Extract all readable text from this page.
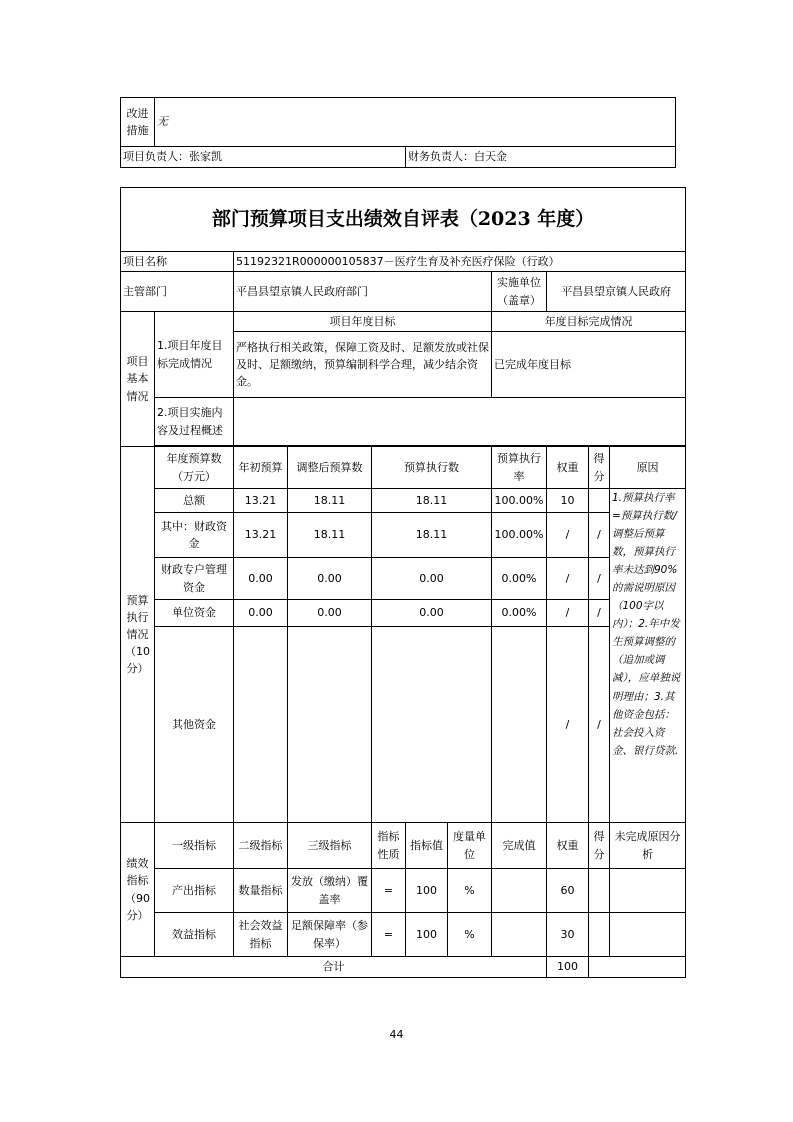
改进措施	无	
项目负责人：张家凯		财务负责人：白天金
部门预算项目支出绩效自评表（2023 年度）										
项目名称		51192321R000000105837－医疗生育及补充医疗保险（行政）								
主管部门		平昌县望京镇人民政府部门					实施单位（盖章）	平昌县望京镇人民政府		
项目基本情况	1.项目年度目标完成情况	项目年度目标					年度目标完成情况			
		严格执行相关政策，保障工资及时、足额发放或社保及时、足额缴纳，预算编制科学合理，减少结余资金。					已完成年度目标			
	2.项目实施内容及过程概述									

预算执行情况（10分）	年度预算数（万元）	年初预算	调整后预算数	预算执行数			预算执行率	权重	得分	原因
	总额	13.21	18.11	18.11			100.00%	10		1.预算执行率=预算执行数/调整后预算数，预算执行率未达到90%的需说明原因（100字以内）；2.年中发生预算调整的（追加或调减），应单独说明理由；3.其他资金包括：社会投入资金、银行贷款.
	其中：财政资金	13.21	18.11	18.11			100.00%	/	/	
	财政专户管理资金	0.00	0.00	0.00			0.00%	/	/	
	单位资金	0.00	0.00	0.00			0.00%	/	/	
	其他资金							/	/	
绩效指标（90分）	一级指标	二级指标	三级指标	指标性质	指标值	度量单位	完成值	权重	得分	未完成原因分析
	产出指标	数量指标	发放（缴纳）覆盖率	=	100	%		60		
	效益指标	社会效益指标	足额保障率（参保率）	=	100	%		30		
合计								100		
44
